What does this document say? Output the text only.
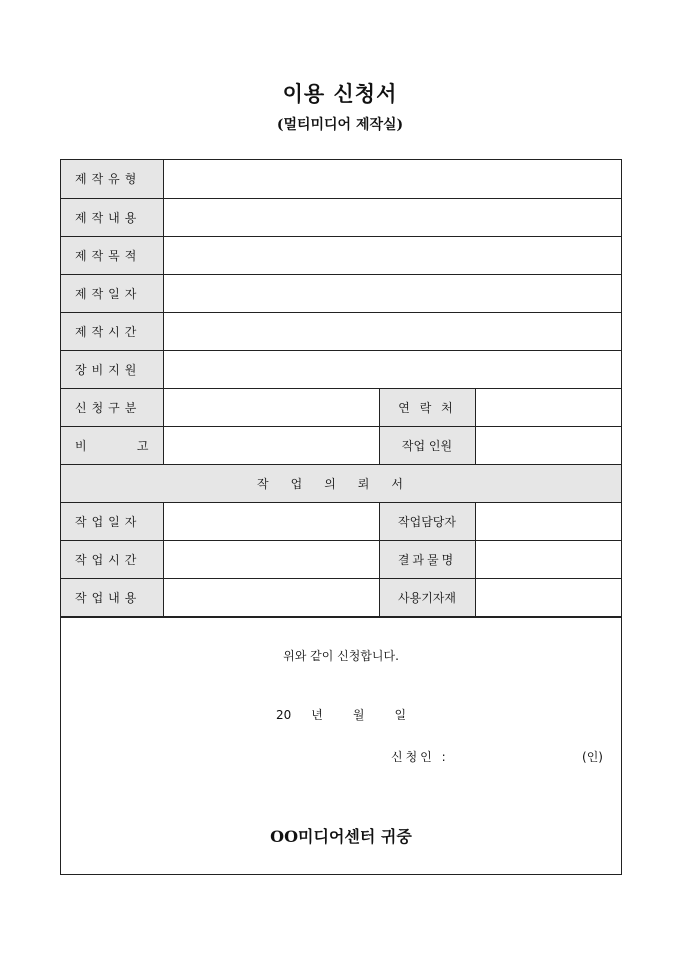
이용 신청서
(멀티미디어 제작실)
제작유형			
제작내용			
제작목적			
제작일자			
제작시간			
장비지원			
신청구분		연 락 처	

비 고		작업 인원	
작업의뢰서			
작업일자		작업담당자	
작업시간		결과물명	
작업내용		사용기자재	
위와 같이 신청합니다.
20 년	월	일
신청인 :	(인)
OO미디어센터 귀중
